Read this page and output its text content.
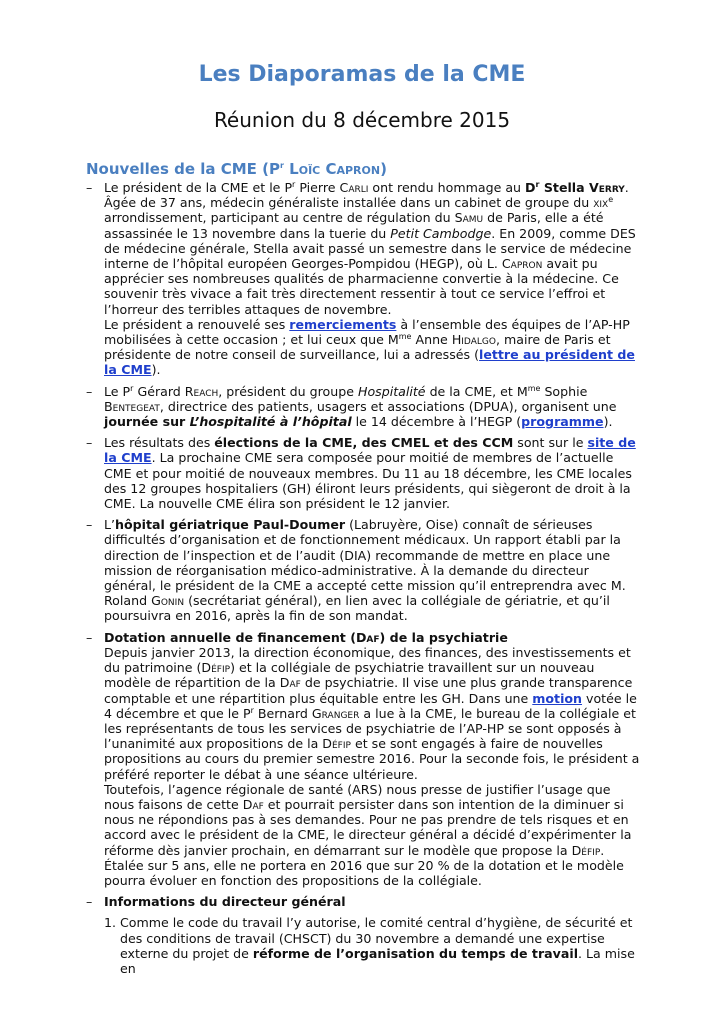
Les Diaporamas de la CME
Réunion du 8 décembre 2015
Nouvelles de la CME ($P^r$ Loïc Capron)
– Le président de la CME et le $P^r$ Pierre Carli ont rendu hommage au $D^r$ Stella Verry. Âgée de 37 ans, médecin généraliste installée dans un cabinet de groupe du xix$^e$ arrondissement, participant au centre de régulation du Samu de Paris, elle a été assassinée le 13 novembre dans la tuerie du Petit Cambodge. En 2009, comme DES de médecine générale, Stella avait passé un semestre dans le service de médecine interne de l’hôpital européen Georges-Pompidou (HEGP), où L. Capron avait pu apprécier ses nombreuses qualités de pharmacienne convertie à la médecine. Ce souvenir très vivace a fait très directement ressentir à tout ce service l’effroi et l’horreur des terribles attaques de novembre.

Le président a renouvelé ses remerciements à l’ensemble des équipes de l’AP-HP mobilisées à cette occasion ; et lui ceux que $M^{me}$ Anne Hidalgo, maire de Paris et présidente de notre conseil de surveillance, lui a adressés (lettre au président de la CME).

– Le $P^r$ Gérard Reach, président du groupe Hospitalité de la CME, et $M^{me}$ Sophie Bentegeat, directrice des patients, usagers et associations (DPUA), organisent une journée sur L’hospitalité à l’hôpital le 14 décembre à l’HEGP (programme).

– Les résultats des élections de la CME, des CMEL et des CCM sont sur le site de la CME. La prochaine CME sera composée pour moitié de membres de l’actuelle CME et pour moitié de nouveaux membres. Du 11 au 18 décembre, les CME locales des 12 groupes hospitaliers (GH) éliront leurs présidents, qui siègeront de droit à la CME. La nouvelle CME élira son président le 12 janvier.

– L’hôpital gériatrique Paul-Doumer (Labruyère, Oise) connaît de sérieuses difficultés d’organisation et de fonctionnement médicaux. Un rapport établi par la direction de l’inspection et de l’audit (DIA) recommande de mettre en place une mission de réorganisation médico-administrative. À la demande du directeur général, le président de la CME a accepté cette mission qu’il entreprendra avec M. Roland Gonin (secrétariat général), en lien avec la collégiale de gériatrie, et qu’il poursuivra en 2016, après la fin de son mandat.

– Dotation annuelle de financement (Daf) de la psychiatrie

Depuis janvier 2013, la direction économique, des finances, des investissements et du patrimoine (Défip) et la collégiale de psychiatrie travaillent sur un nouveau modèle de répartition de la Daf de psychiatrie. Il vise une plus grande transparence comptable et une répartition plus équitable entre les GH. Dans une motion votée le 4 décembre et que le $P^r$ Bernard Granger a lue à la CME, le bureau de la collégiale et les représentants de tous les services de psychiatrie de l’AP-HP se sont opposés à l’unanimité aux propositions de la Défip et se sont engagés à faire de nouvelles propositions au cours du premier semestre 2016. Pour la seconde fois, le président a préféré reporter le débat à une séance ultérieure.

Toutefois, l’agence régionale de santé (ARS) nous presse de justifier l’usage que nous faisons de cette Daf et pourrait persister dans son intention de la diminuer si nous ne répondions pas à ses demandes. Pour ne pas prendre de tels risques et en accord avec le président de la CME, le directeur général a décidé d’expérimenter la réforme dès janvier prochain, en démarrant sur le modèle que propose la Défip. Étalée sur 5 ans, elle ne portera en 2016 que sur 20 % de la dotation et le modèle pourra évoluer en fonction des propositions de la collégiale.

– Informations du directeur général

1. Comme le code du travail l’y autorise, le comité central d’hygiène, de sécurité et des conditions de travail (CHSCT) du 30 novembre a demandé une expertise externe du projet de réforme de l’organisation du temps de travail. La mise en
